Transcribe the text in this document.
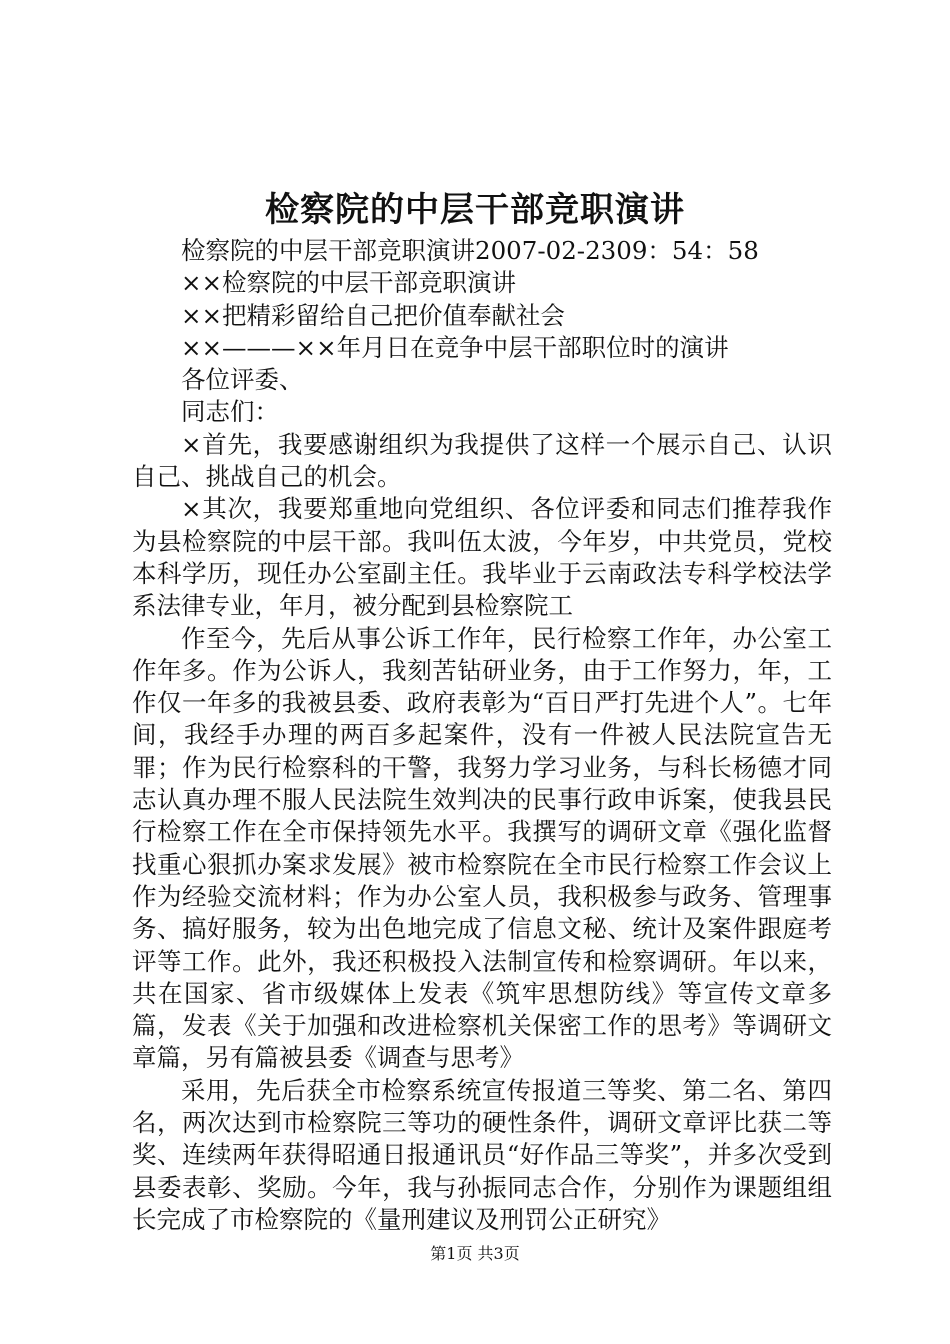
检察院的中层干部竞职演讲

检察院的中层干部竞职演讲2007-02-2309：54：58

××检察院的中层干部竞职演讲

××把精彩留给自己把价值奉献社会

××———××年月日在竞争中层干部职位时的演讲

各位评委、

同志们：

×首先，我要感谢组织为我提供了这样一个展示自己、认识自己、挑战自己的机会。

×其次，我要郑重地向党组织、各位评委和同志们推荐我作为县检察院的中层干部。我叫伍太波，今年岁，中共党员，党校本科学历，现任办公室副主任。我毕业于云南政法专科学校法学系法律专业，年月，被分配到县检察院工

作至今，先后从事公诉工作年，民行检察工作年，办公室工作年多。作为公诉人，我刻苦钻研业务，由于工作努力，年，工作仅一年多的我被县委、政府表彰为“百日严打先进个人”。七年间，我经手办理的两百多起案件，没有一件被人民法院宣告无罪；作为民行检察科的干警，我努力学习业务，与科长杨德才同志认真办理不服人民法院生效判决的民事行政申诉案，使我县民行检察工作在全市保持领先水平。我撰写的调研文章《强化监督找重心狠抓办案求发展》被市检察院在全市民行检察工作会议上作为经验交流材料；作为办公室人员，我积极参与政务、管理事务、搞好服务，较为出色地完成了信息文秘、统计及案件跟庭考评等工作。此外，我还积极投入法制宣传和检察调研。年以来，共在国家、省市级媒体上发表《筑牢思想防线》等宣传文章多篇，发表《关于加强和改进检察机关保密工作的思考》等调研文章篇，另有篇被县委《调查与思考》

采用，先后获全市检察系统宣传报道三等奖、第二名、第四名，两次达到市检察院三等功的硬性条件，调研文章评比获二等奖、连续两年获得昭通日报通讯员“好作品三等奖”，并多次受到县委表彰、奖励。今年，我与孙振同志合作，分别作为课题组组长完成了市检察院的《量刑建议及刑罚公正研究》

第1页 共3页
